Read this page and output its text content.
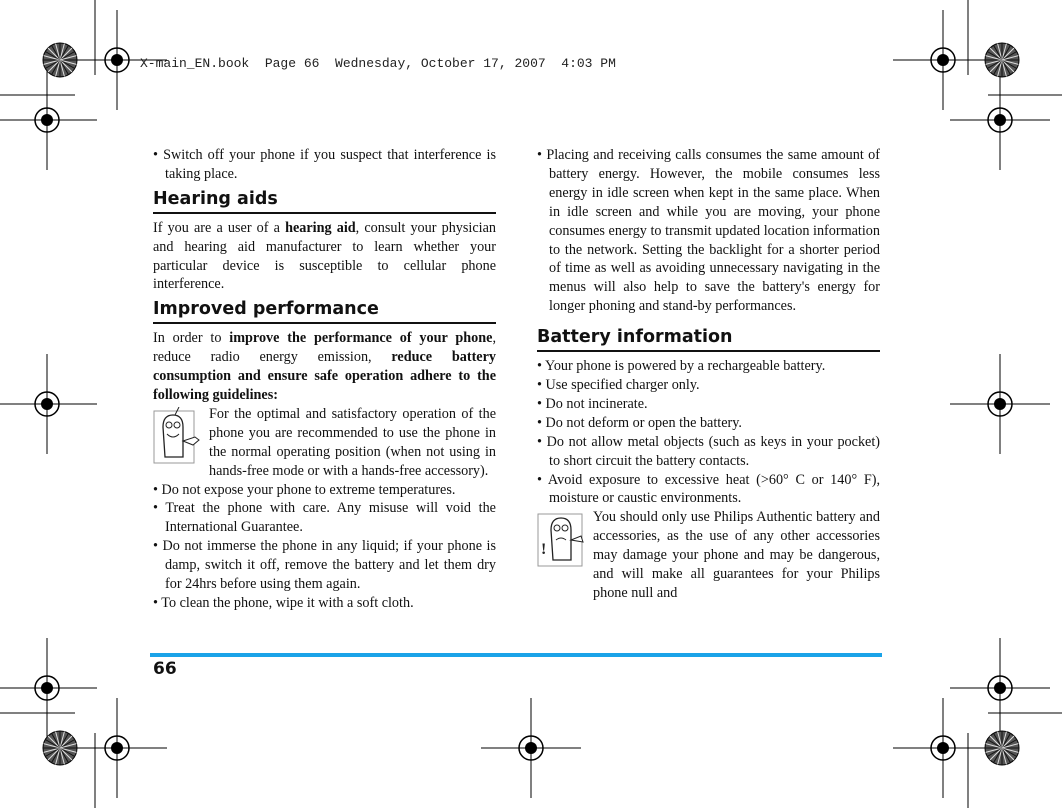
X-main_EN.book  Page 66  Wednesday, October 17, 2007  4:03 PM

• Switch off your phone if you suspect that interference is taking place.

Hearing aids

If you are a user of a hearing aid, consult your physician and hearing aid manufacturer to learn whether your particular device is susceptible to cellular phone interference.

Improved performance

In order to improve the performance of your phone, reduce radio energy emission, reduce battery consumption and ensure safe operation adhere to the following guidelines:

For the optimal and satisfactory operation of the phone you are recommended to use the phone in the normal operating position (when not using in hands-free mode or with a hands-free accessory).

• Do not expose your phone to extreme temperatures.

• Treat the phone with care. Any misuse will void the International Guarantee.

• Do not immerse the phone in any liquid; if your phone is damp, switch it off, remove the battery and let them dry for 24hrs before using them again.

• To clean the phone, wipe it with a soft cloth.

• Placing and receiving calls consumes the same amount of battery energy. However, the mobile consumes less energy in idle screen when kept in the same place. When in idle screen and while you are moving, your phone consumes energy to transmit updated location information to the network. Setting the backlight for a shorter period of time as well as avoiding unnecessary navigating in the menus will also help to save the battery's energy for longer phoning and stand-by performances.

Battery information

• Your phone is powered by a rechargeable battery.

• Use specified charger only.

• Do not incinerate.

• Do not deform or open the battery.

• Do not allow metal objects (such as keys in your pocket) to short circuit the battery contacts.

• Avoid exposure to excessive heat (>60° C or 140° F), moisture or caustic environments.

!

You should only use Philips Authentic battery and accessories, as the use of any other accessories may damage your phone and may be dangerous, and will make all guarantees for your Philips phone null and

66
